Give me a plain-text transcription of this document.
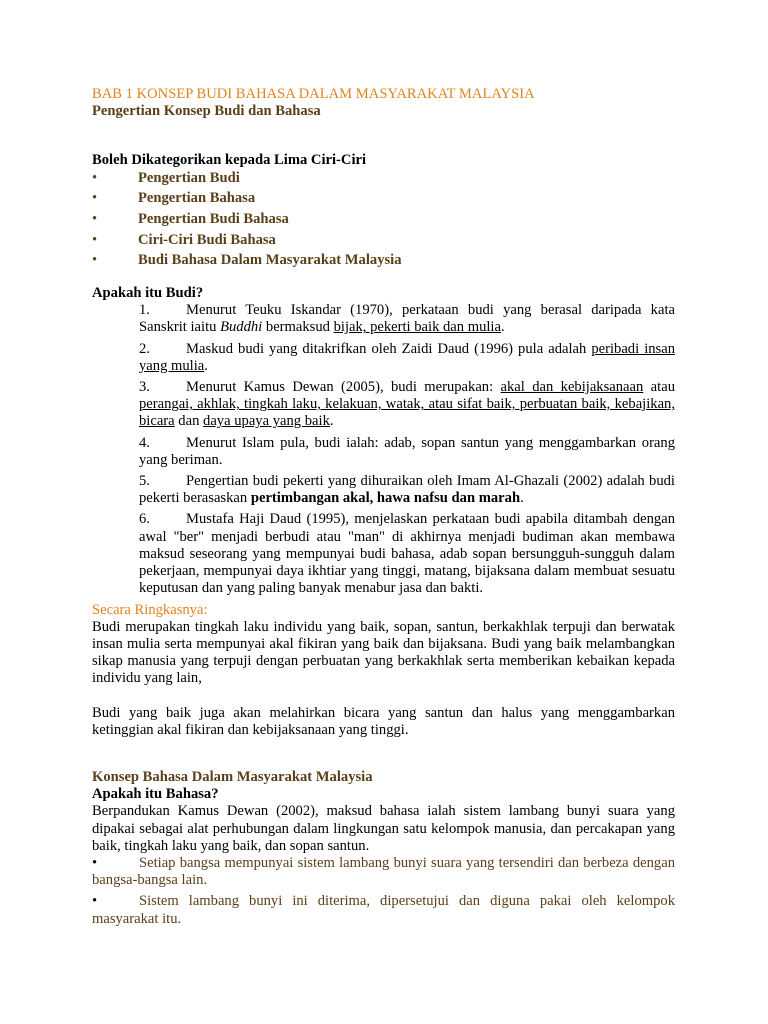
BAB 1 KONSEP BUDI BAHASA DALAM MASYARAKAT MALAYSIA

Pengertian Konsep Budi dan Bahasa

Boleh Dikategorikan kepada Lima Ciri-Ciri

•	Pengertian Budi
•	Pengertian Bahasa
•	Pengertian Budi Bahasa
•	Ciri-Ciri Budi Bahasa
•	Budi Bahasa Dalam Masyarakat Malaysia

Apakah itu Budi?

1. Menurut Teuku Iskandar (1970), perkataan budi yang berasal daripada kata Sanskrit iaitu Buddhi bermaksud bijak, pekerti baik dan mulia.

2. Maskud budi yang ditakrifkan oleh Zaidi Daud (1996) pula adalah peribadi insan yang mulia.

3. Menurut Kamus Dewan (2005), budi merupakan: akal dan kebijaksanaan atau perangai, akhlak, tingkah laku, kelakuan, watak, atau sifat baik, perbuatan baik, kebajikan, bicara dan daya upaya yang baik.

4. Menurut Islam pula, budi ialah: adab, sopan santun yang menggambarkan orang yang beriman.

5. Pengertian budi pekerti yang dihuraikan oleh Imam Al-Ghazali (2002) adalah budi pekerti berasaskan pertimbangan akal, hawa nafsu dan marah.

6. Mustafa Haji Daud (1995), menjelaskan perkataan budi apabila ditambah dengan awal "ber" menjadi berbudi atau "man" di akhirnya menjadi budiman akan membawa maksud seseorang yang mempunyai budi bahasa, adab sopan bersungguh-sungguh dalam pekerjaan, mempunyai daya ikhtiar yang tinggi, matang, bijaksana dalam membuat sesuatu keputusan dan yang paling banyak menabur jasa dan bakti.

Secara Ringkasnya:

Budi merupakan tingkah laku individu yang baik, sopan, santun, berkakhlak terpuji dan berwatak insan mulia serta mempunyai akal fikiran yang baik dan bijaksana. Budi yang baik melambangkan sikap manusia yang terpuji dengan perbuatan yang berkakhlak serta memberikan kebaikan kepada individu yang lain,

Budi yang baik juga akan melahirkan bicara yang santun dan halus yang menggambarkan ketinggian akal fikiran dan kebijaksanaan yang tinggi.

Konsep Bahasa Dalam Masyarakat Malaysia

Apakah itu Bahasa?

Berpandukan Kamus Dewan (2002), maksud bahasa ialah sistem lambang bunyi suara yang dipakai sebagai alat perhubungan dalam lingkungan satu kelompok manusia, dan percakapan yang baik, tingkah laku yang baik, dan sopan santun.

•	Setiap bangsa mempunyai sistem lambang bunyi suara yang tersendiri dan berbeza dengan bangsa-bangsa lain.

•	Sistem lambang bunyi ini diterima, dipersetujui dan diguna pakai oleh kelompok masyarakat itu.
